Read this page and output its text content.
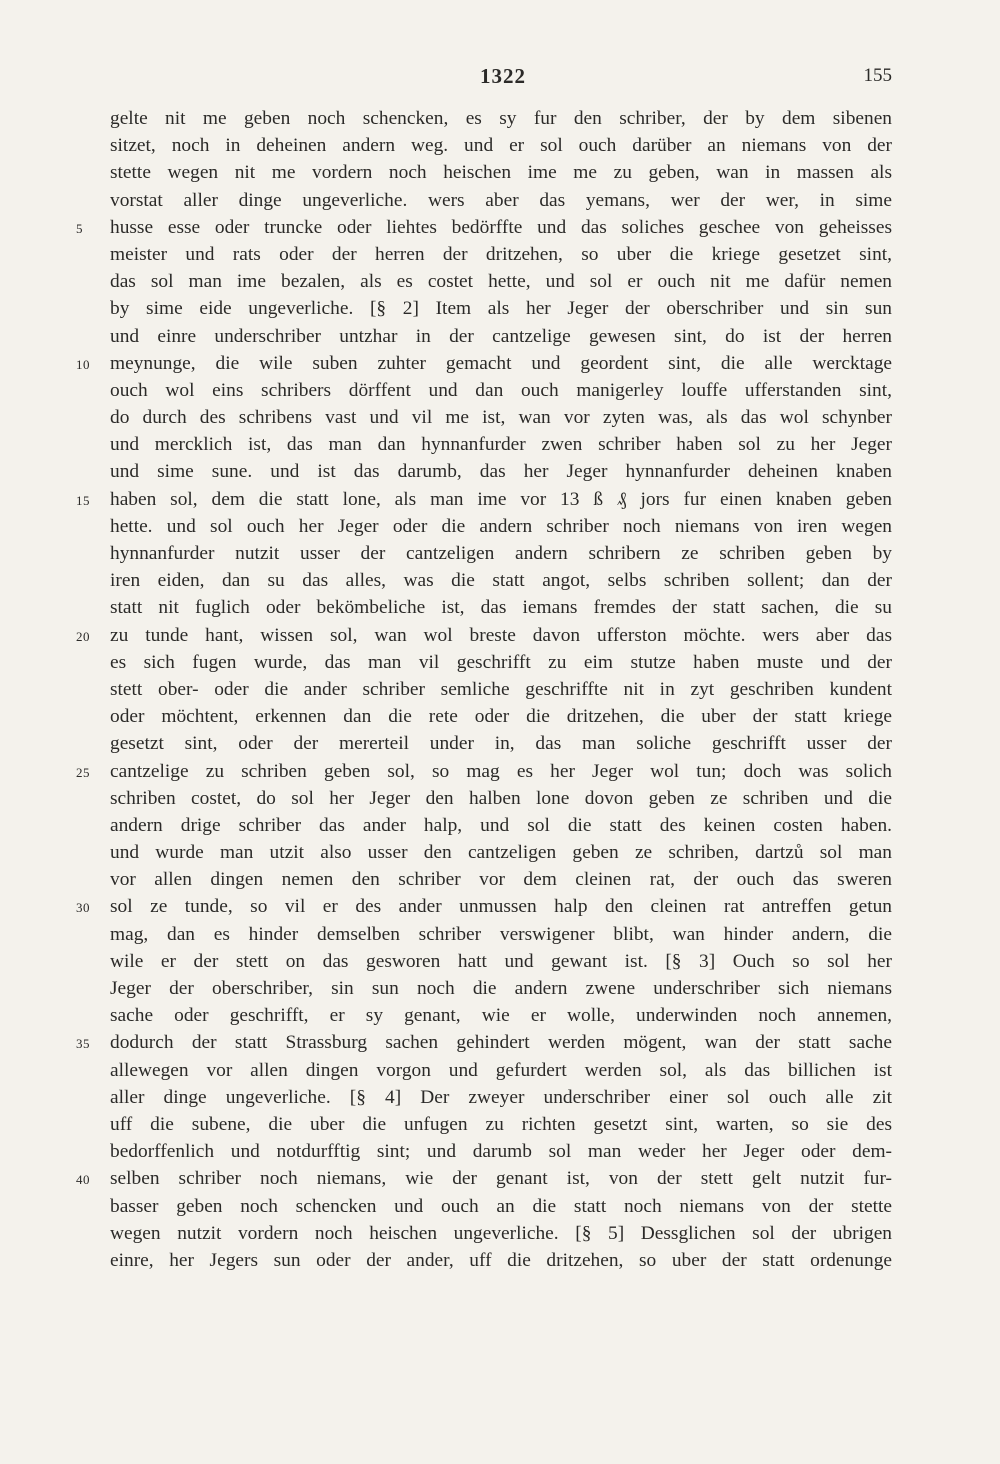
1322	155
gelte nit me geben noch schencken, es sy fur den schriber, der by dem sibenen
sitzet, noch in deheinen andern weg. und er sol ouch darüber an niemans von der
stette wegen nit me vordern noch heischen ime me zu geben, wan in massen als
vorstat aller dinge ungeverliche. wers aber das yemans, wer der wer, in sime
5	husse esse oder truncke oder liehtes bedörffte und das soliches geschee von geheisses
meister und rats oder der herren der dritzehen, so uber die kriege gesetzet sint,
das sol man ime bezalen, als es costet hette, und sol er ouch nit me dafür nemen
by sime eide ungeverliche. [§ 2] Item als her Jeger der oberschriber und sin sun
und einre underschriber untzhar in der cantzelige gewesen sint, do ist der herren
10	meynunge, die wile suben zuhter gemacht und geordent sint, die alle wercktage
ouch wol eins schribers dörffent und dan ouch manigerley louffe ufferstanden sint,
do durch des schribens vast und vil me ist, wan vor zyten was, als das wol schynber
und mercklich ist, das man dan hynnanfurder zwen schriber haben sol zu her Jeger
und sime sune. und ist das darumb, das her Jeger hynnanfurder deheinen knaben
15	haben sol, dem die statt lone, als man ime vor 13 ß ₰ jors fur einen knaben geben
hette. und sol ouch her Jeger oder die andern schriber noch niemans von iren wegen
hynnanfurder nutzit usser der cantzeligen andern schribern ze schriben geben by
iren eiden, dan su das alles, was die statt angot, selbs schriben sollent; dan der
statt nit fuglich oder bekömbeliche ist, das iemans fremdes der statt sachen, die su
20	zu tunde hant, wissen sol, wan wol breste davon ufferston möchte. wers aber das
es sich fugen wurde, das man vil geschrifft zu eim stutze haben muste und der
stett ober- oder die ander schriber semliche geschriffte nit in zyt geschriben kundent
oder möchtent, erkennen dan die rete oder die dritzehen, die uber der statt kriege
gesetzt sint, oder der mererteil under in, das man soliche geschrifft usser der
25	cantzelige zu schriben geben sol, so mag es her Jeger wol tun; doch was solich
schriben costet, do sol her Jeger den halben lone dovon geben ze schriben und die
andern drige schriber das ander halp, und sol die statt des keinen costen haben.
und wurde man utzit also usser den cantzeligen geben ze schriben, dartzů sol man
vor allen dingen nemen den schriber vor dem cleinen rat, der ouch das sweren
30	sol ze tunde, so vil er des ander unmussen halp den cleinen rat antreffen getun
mag, dan es hinder demselben schriber verswigener blibt, wan hinder andern, die
wile er der stett on das gesworen hatt und gewant ist. [§ 3] Ouch so sol her
Jeger der oberschriber, sin sun noch die andern zwene underschriber sich niemans
sache oder geschrifft, er sy genant, wie er wolle, underwinden noch annemen,
35	dodurch der statt Strassburg sachen gehindert werden mögent, wan der statt sache
allewegen vor allen dingen vorgon und gefurdert werden sol, als das billichen ist
aller dinge ungeverliche. [§ 4] Der zweyer underschriber einer sol ouch alle zit
uff die subene, die uber die unfugen zu richten gesetzt sint, warten, so sie des
bedorffenlich und notdurfftig sint; und darumb sol man weder her Jeger oder dem-
40	selben schriber noch niemans, wie der genant ist, von der stett gelt nutzit fur-
basser geben noch schencken und ouch an die statt noch niemans von der stette
wegen nutzit vordern noch heischen ungeverliche. [§ 5] Dessglichen sol der ubrigen
einre, her Jegers sun oder der ander, uff die dritzehen, so uber der statt ordenunge
